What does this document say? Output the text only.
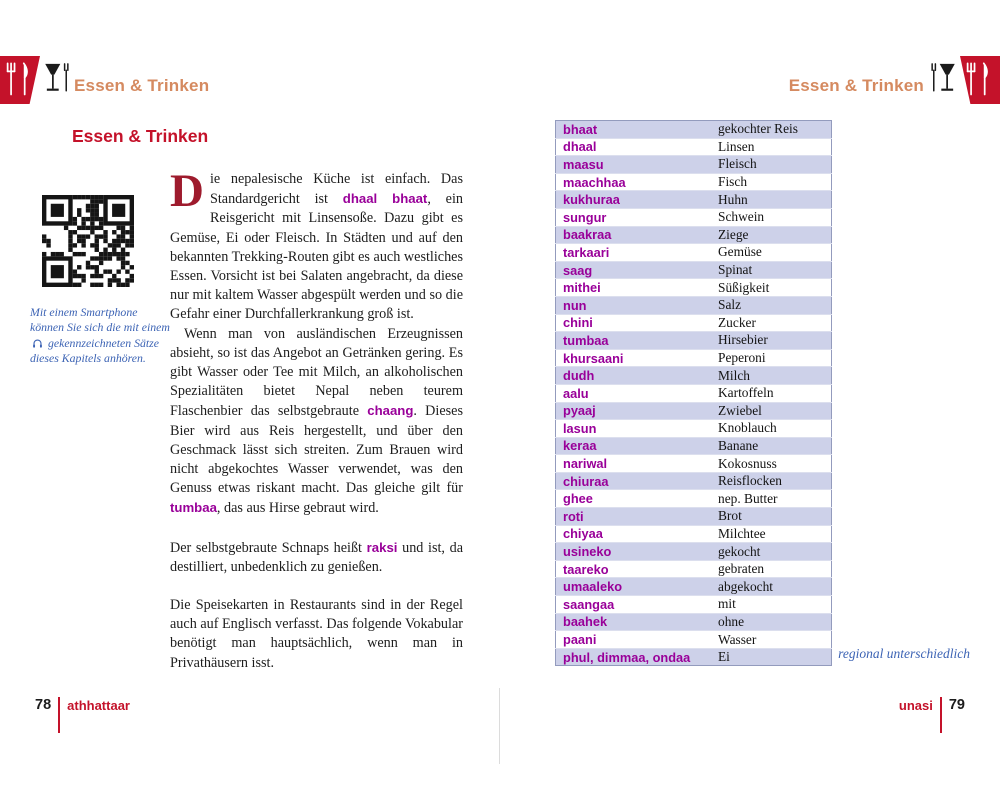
Essen & Trinken
Essen & Trinken
Mit einem Smartphone können Sie sich die mit einem  gekennzeichneten Sätze dieses Kapitels anhören.

Die nepalesische Küche ist einfach. Das Standardgericht ist dhaal bhaat, ein Reisgericht mit Linsensoße. Dazu gibt es Gemüse, Ei oder Fleisch. In Städten und auf den bekannten Trekking-Routen gibt es auch westliches Essen. Vorsicht ist bei Salaten angebracht, da diese nur mit kaltem Wasser abgespült werden und so die Gefahr einer Durchfallerkrankung groß ist.

Wenn man von ausländischen Erzeugnissen absieht, so ist das Angebot an Getränken gering. Es gibt Wasser oder Tee mit Milch, an alkoholischen Spezialitäten bietet Nepal neben teurem Flaschenbier das selbstgebraute chaang. Dieses Bier wird aus Reis hergestellt, und über den Geschmack lässt sich streiten. Zum Brauen wird nicht abgekochtes Wasser verwendet, was den Genuss etwas riskant macht. Das gleiche gilt für tumbaa, das aus Hirse gebraut wird.

Der selbstgebraute Schnaps heißt raksi und ist, da destilliert, unbedenklich zu genießen.

Die Speisekarten in Restaurants sind in der Regel auch auf Englisch verfasst. Das folgende Vokabular benötigt man hauptsächlich, wenn man in Privathäusern isst.

78 athhattaar
Essen & Trinken
bhaat	gekochter Reis
dhaal	Linsen
maasu	Fleisch
maachhaa	Fisch
kukhuraa	Huhn
sungur	Schwein
baakraa	Ziege
tarkaari	Gemüse
saag	Spinat
mithei	Süßigkeit
nun	Salz
chini	Zucker
tumbaa	Hirsebier
khursaani	Peperoni
dudh	Milch
aalu	Kartoffeln
pyaaj	Zwiebel
lasun	Knoblauch
keraa	Banane
nariwal	Kokosnuss
chiuraa	Reisflocken
ghee	nep. Butter
roti	Brot
chiyaa	Milchtee
usineko	gekocht
taareko	gebraten
umaaleko	abgekocht
saangaa	mit
baahek	ohne
paani	Wasser
phul, dimmaa, ondaa	Ei	regional unterschiedlich
unasi 79
